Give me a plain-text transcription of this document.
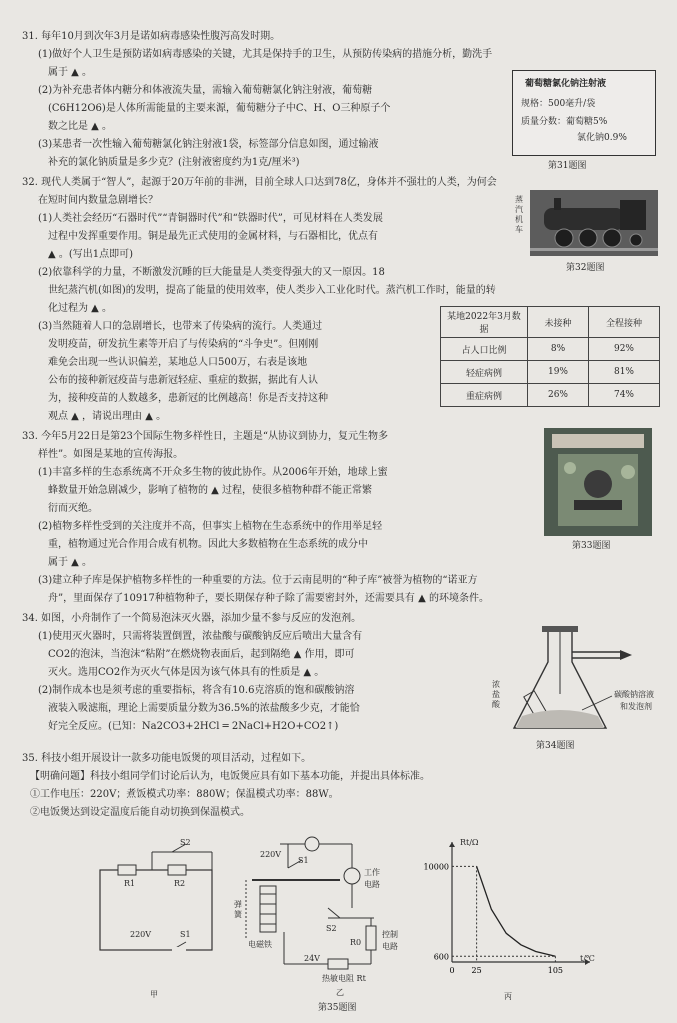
31. 每年10月到次年3月是诺如病毒感染性腹泻高发时期。
(1)做好个人卫生是预防诺如病毒感染的关键，尤其是保持手的卫生，从预防传染病的措施分析，勤洗手
属于 ▲ 。
(2)为补充患者体内糖分和体液流失量，需输入葡萄糖氯化钠注射液，葡萄糖
(C6H12O6)是人体所需能量的主要来源，葡萄糖分子中C、H、O三种原子个
数之比是 ▲ 。
(3)某患者一次性输入葡萄糖氯化钠注射液1袋，标签部分信息如图，通过输液
补充的氯化钠质量是多少克？(注射液密度约为1克/厘米³)
葡萄糖氯化钠注射液
规格：500毫升/袋
质量分数：葡萄糖5%
氯化钠0.9%
第31题图
32. 现代人类属于“智人”，起源于20万年前的非洲，目前全球人口达到78亿，身体并不强壮的人类，为何会
在短时间内数量急剧增长？
(1)人类社会经历“石器时代”“青铜器时代”和“铁器时代”，可见材料在人类发展
过程中发挥重要作用。铜是最先正式使用的金属材料，与石器相比，优点有
▲ 。(写出1点即可)
(2)依靠科学的力量，不断激发沉睡的巨大能量是人类变得强大的又一原因。18
世纪蒸汽机(如图)的发明，提高了能量的使用效率，使人类步入工业化时代。蒸汽机工作时，能量的转
化过程为 ▲ 。
(3)当然随着人口的急剧增长，也带来了传染病的流行。人类通过
发明疫苗，研发抗生素等开启了与传染病的“斗争史”。但刚刚
难免会出现一些认识偏差，某地总人口500万，右表是该地
公布的接种新冠疫苗与患新冠轻症、重症的数据，据此有人认
为，接种疫苗的人数越多，患新冠的比例越高！你是否支持这种
观点 ▲ ，请说出理由 ▲ 。
蒸汽机车
第32题图
某地2022年3月数据	未接种	全程接种
占人口比例	8%	92%
轻症病例	19%	81%
重症病例	26%	74%
33. 今年5月22日是第23个国际生物多样性日，主题是“从协议到协力，复元生物多
样性”。如图是某地的宣传海报。
(1)丰富多样的生态系统离不开众多生物的彼此协作。从2006年开始，地球上蜜
蜂数量开始急剧减少，影响了植物的 ▲ 过程，使很多植物种群不能正常繁
衍而灭绝。
(2)植物多样性受到的关注度并不高，但事实上植物在生态系统中的作用举足轻
重，植物通过光合作用合成有机物。因此大多数植物在生态系统的成分中
属于 ▲ 。
(3)建立种子库是保护植物多样性的一种重要的方法。位于云南昆明的“种子库”被誉为植物的“诺亚方
舟”，里面保存了10917种植物种子，要长期保存种子除了需要密封外，还需要具有 ▲ 的环境条件。
第33题图
34. 如图，小舟制作了一个简易泡沫灭火器，添加少量不参与反应的发泡剂。
(1)使用灭火器时，只需将装置倒置，浓盐酸与碳酸钠反应后喷出大量含有
CO2的泡沫，当泡沫“粘附”在燃烧物表面后，起到隔绝 ▲ 作用，即可
灭火。选用CO2作为灭火气体是因为该气体具有的性质是 ▲ 。
(2)制作成本也是须考虑的重要指标，将含有10.6克溶质的饱和碳酸钠溶
液装入吸滤瓶，理论上需要质量分数为36.5%的浓盐酸多少克，才能恰
好完全反应。(已知：Na2CO3+2HCl ═ 2NaCl+H2O+CO2↑)
浓盐酸
碳酸钠溶液
和发泡剂
第34题图
35. 科技小组开展设计一款多功能电饭煲的项目活动，过程如下。
【明确问题】科技小组同学们讨论后认为，电饭煲应具有如下基本功能，并提出具体标准。
①工作电压：220V；煮饭模式功率：880W；保温模式功率：88W。
②电饭煲达到设定温度后能自动切换到保温模式。
R1	R2
S2
S1
220V
甲
220V
S1
S2
工作
电路
控制
电路
弹簧
电磁铁
24V
R0
热敏电阻 Rt
乙
第35题图
600
10000
0 25	105
Rt/Ω
t/℃
丙
